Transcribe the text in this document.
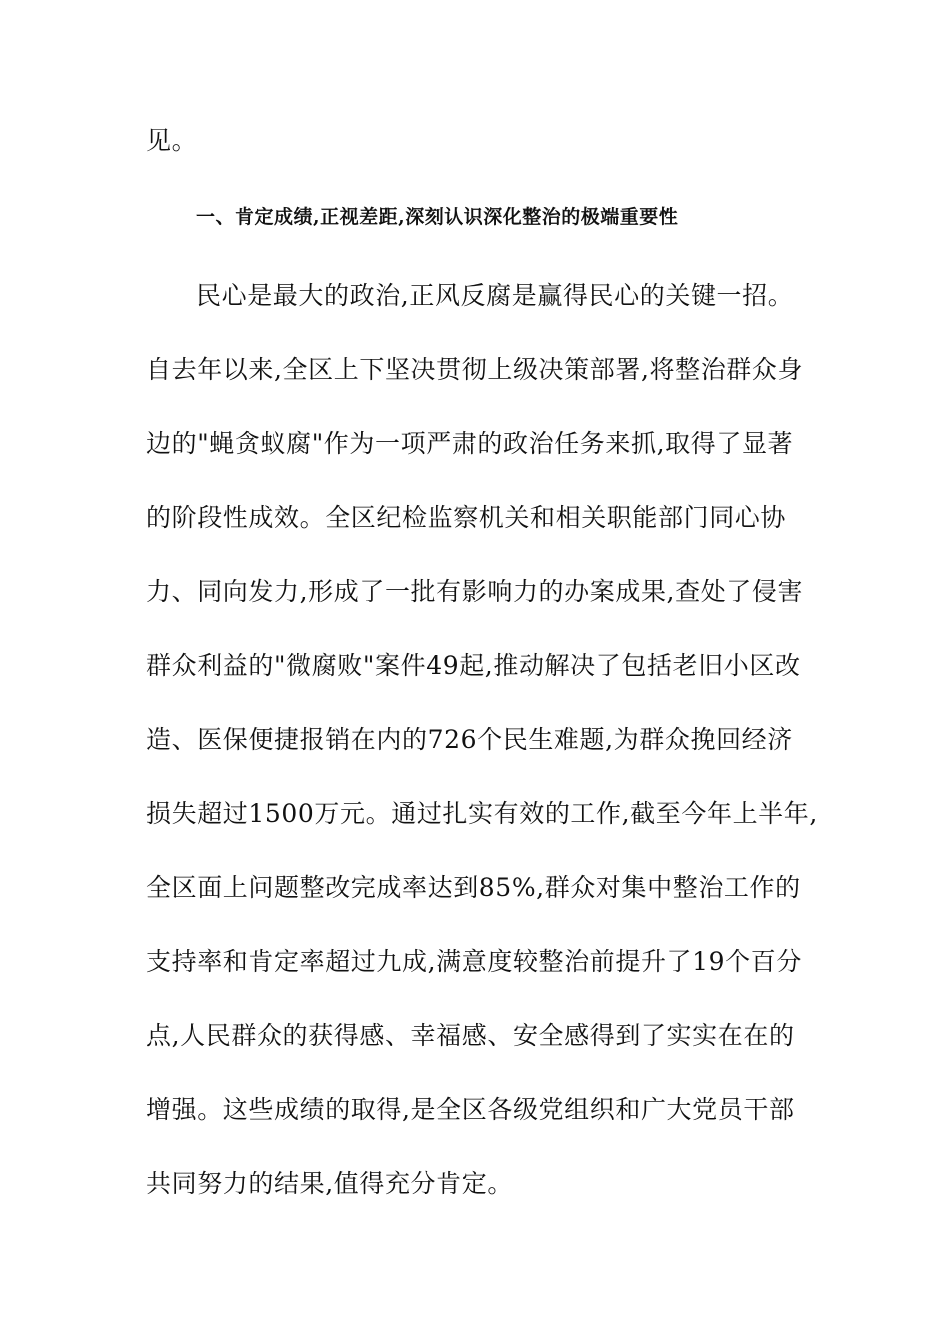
见。
一、肯定成绩,正视差距,深刻认识深化整治的极端重要性
民心是最大的政治,正风反腐是赢得民心的关键一招。
自去年以来,全区上下坚决贯彻上级决策部署,将整治群众身
边的"蝇贪蚁腐"作为一项严肃的政治任务来抓,取得了显著
的阶段性成效。全区纪检监察机关和相关职能部门同心协
力、同向发力,形成了一批有影响力的办案成果,查处了侵害
群众利益的"微腐败"案件49起,推动解决了包括老旧小区改
造、医保便捷报销在内的726个民生难题,为群众挽回经济
损失超过1500万元。通过扎实有效的工作,截至今年上半年,
全区面上问题整改完成率达到85%,群众对集中整治工作的
支持率和肯定率超过九成,满意度较整治前提升了19个百分
点,人民群众的获得感、幸福感、安全感得到了实实在在的
增强。这些成绩的取得,是全区各级党组织和广大党员干部
共同努力的结果,值得充分肯定。
